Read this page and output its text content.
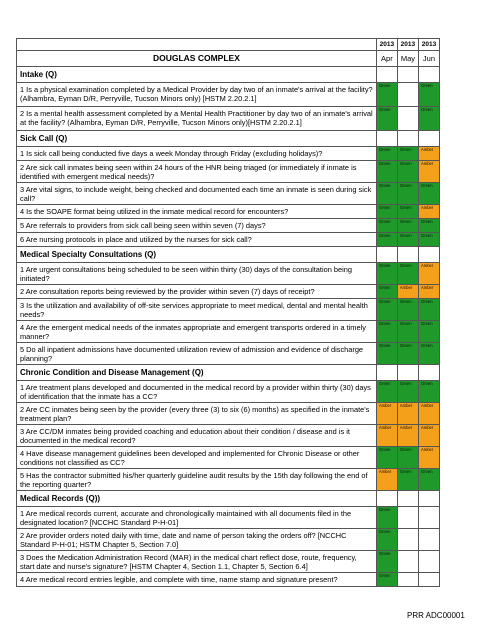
	2013	2013	2013
DOUGLAS COMPLEX	Apr	May	Jun
Intake (Q)			
1 Is a physical examination completed by a Medical Provider by day two of an inmate's arrival at the facility? (Alhambra, Eyman D/R, Perryville, Tucson Minors only) [HSTM 2.20.2.1]	Green		Green

2 Is a mental health assessment completed by a Mental Health Practitioner by day two of an inmate's arrival at the facility? (Alhambra, Eyman D/R, Perryville, Tucson Minors only)[HSTM 2.20.2.1]	Green		Green

Sick Call (Q)			
1 Is sick call being conducted five days a week Monday through Friday (excluding holidays)?	Green	Green	Amber

2 Are sick call inmates being seen within 24 hours of the HNR being triaged (or immediately if inmate is identified with emergent medical needs)?	Green	Green	Amber

3 Are vital signs, to include weight, being checked and documented each time an inmate is seen during sick call?	Green	Green	Green

4 Is the SOAPE format being utilized in the inmate medical record for encounters?	Green	Green	Amber

5 Are referrals to providers from sick call being seen within seven (7) days?	Green	Green	Green

6 Are nursing protocols in place and utilized by the nurses for sick call?	Green	Green	Green

Medical Specialty Consultations (Q)			
1 Are urgent consultations being scheduled to be seen within thirty (30) days of the consultation being initiated?	Green	Green	Amber

2 Are consultation reports being reviewed by the provider within seven (7) days of receipt?	Green	Amber	Amber

3 Is the utilization and availability of off-site services appropriate to meet medical, dental and mental health needs?	Green	Green	Green

4 Are the emergent medical needs of the inmates appropriate and emergent transports ordered in a timely manner?	Green	Green	Green

5 Do all inpatient admissions have documented utilization review of admission and evidence of discharge planning?	Green	Green	Green

Chronic Condition and Disease Management (Q)			
1 Are treatment plans developed and documented in the medical record by a provider within thirty (30) days of identification that the inmate has a CC?	Green	Green	Green

2 Are CC inmates being seen by the provider (every three (3) to six (6) months) as specified in the inmate's treatment plan?	Amber	Amber	Amber

3 Are CC/DM inmates being provided coaching and education about their condition / disease and is it documented in the medical record?	Amber	Amber	Amber

4 Have disease management guidelines been developed and implemented for Chronic Disease or other conditions not classified as CC?	Green	Green	Amber

5 Has the contractor submitted his/her quarterly guideline audit results by the 15th day following the end of the reporting quarter?	Amber	Green	Green

Medical Records (Q))			
1 Are medical records current, accurate and chronologically maintained with all documents filed in the designated location? [NCCHC Standard P-H-01]	Green		

2 Are provider orders noted daily with time, date and name of person taking the orders off? [NCCHC Standard P-H-01; HSTM Chapter 5, Section 7.0]	Green		

3 Does the Medication Administration Record (MAR) in the medical chart reflect dose, route, frequency, start date and nurse's signature? [HSTM Chapter 4, Section 1.1, Chapter 5, Section 6.4]	Green		

4 Are medical record entries legible, and complete with time, name stamp and signature present?	Green		

PRR ADC00001
